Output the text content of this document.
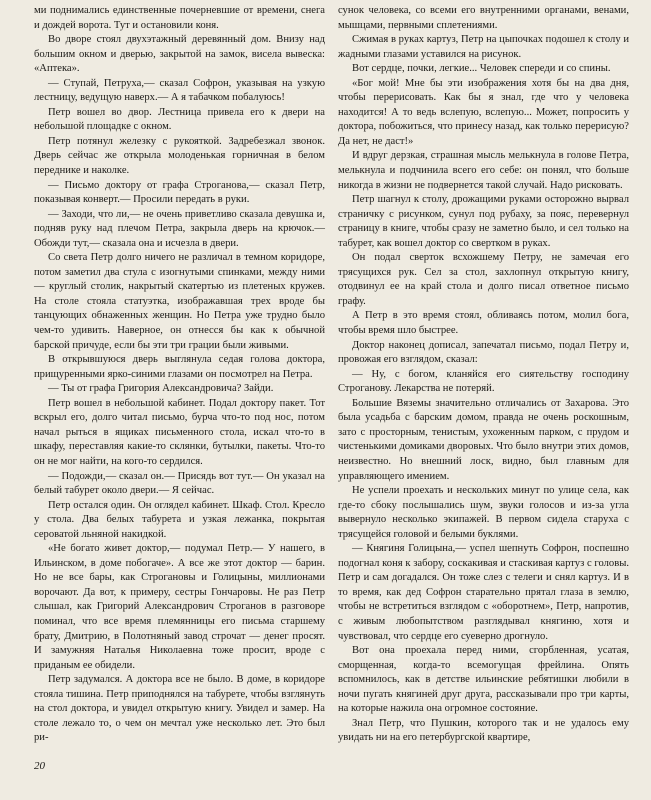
ми поднимались единственные почерневшие от времени, снега и дождей ворота. Тут и остановили коня.

Во дворе стоял двухэтажный деревянный дом. Внизу над большим окном и дверью, закрытой на замок, висела вывеска: «Аптека».

— Ступай, Петруха,— сказал Софрон, указывая на узкую лестницу, ведущую наверх.— А я табачком побалуюсь!

Петр вошел во двор. Лестница привела его к двери на небольшой площадке с окном.

Петр потянул железку с рукояткой. Задребезжал звонок. Дверь сейчас же открыла молоденькая горничная в белом переднике и наколке.

— Письмо доктору от графа Строганова,— сказал Петр, показывая конверт.— Просили передать в руки.

— Заходи, что ли,— не очень приветливо сказала девушка и, подняв руку над плечом Петра, закрыла дверь на крючок.— Обожди тут,— сказала она и исчезла в двери.

Со света Петр долго ничего не различал в темном коридоре, потом заметил два стула с изогнутыми спинками, между ними — круглый столик, накрытый скатертью из плетеных кружев. На столе стояла статуэтка, изображавшая трех вроде бы танцующих обнаженных женщин. Но Петра уже трудно было чем-то удивить. Наверное, он отнесся бы как к обычной барской причуде, если бы эти три грации были живыми.

В открывшуюся дверь выглянула седая голова доктора, прищуренными ярко-синими глазами он посмотрел на Петра.

— Ты от графа Григория Александровича? Зайди.

Петр вошел в небольшой кабинет. Подал доктору пакет. Тот вскрыл его, долго читал письмо, бурча что-то под нос, потом начал рыться в ящиках письменного стола, искал что-то в шкафу, переставляя какие-то склянки, бутылки, пакеты. Что-то он не мог найти, на кого-то сердился.

— Подожди,— сказал он.— Присядь вот тут.— Он указал на белый табурет около двери.— Я сейчас.

Петр остался один. Он оглядел кабинет. Шкаф. Стол. Кресло у стола. Два белых табурета и узкая лежанка, покрытая сероватой льняной накидкой.

«Не богато живет доктор,— подумал Петр.— У нашего, в Ильинском, в доме побогаче». А все же этот доктор — барин. Но не все бары, как Строгановы и Голицыны, миллионами ворочают. Да вот, к примеру, сестры Гончаровы. Не раз Петр слышал, как Григорий Александрович Строганов в разговоре поминал, что все время племянницы его письма старшему брату, Дмитрию, в Полотняный завод строчат — денег просят. И замужняя Наталья Николаевна тоже просит, вроде с приданым ее обидели.

Петр задумался. А доктора все не было. В доме, в коридоре стояла тишина. Петр приподнялся на табурете, чтобы взглянуть на стол доктора, и увидел открытую книгу. Увидел и замер. На столе лежало то, о чем он мечтал уже несколько лет. Это был ри-

сунок человека, со всеми его внутренними органами, венами, мышцами, первными сплетениями.

Сжимая в руках картуз, Петр на цыпочках подошел к столу и жадными глазами уставился на рисунок.

Вот сердце, почки, легкие... Человек спереди и со спины.

«Бог мой! Мне бы эти изображения хотя бы на два дня, чтобы перерисовать. Как бы я знал, где что у человека находится! А то ведь вслепую, вслепую... Может, попросить у доктора, побожиться, что принесу назад, как только перерисую? Да нет, не даст!»

И вдруг дерзкая, страшная мысль мелькнула в голове Петра, мелькнула и подчинила всего его себе: он понял, что больше никогда в жизни не подвернется такой случай. Надо рисковать.

Петр шагнул к столу, дрожащими руками осторожно вырвал страничку с рисунком, сунул под рубаху, за пояс, перевернул страницу в книге, чтобы сразу не заметно было, и сел только на табурет, как вошел доктор со свертком в руках.

Он подал сверток всхожшему Петру, не замечая его трясущихся рук. Сел за стол, захлопнул открытую книгу, отодвинул ее на край стола и долго писал ответное письмо графу.

А Петр в это время стоял, обливаясь потом, молил бога, чтобы время шло быстрее.

Доктор наконец дописал, запечатал письмо, подал Петру и, провожая его взглядом, сказал:

— Ну, с богом, кланяйся его сиятельству господину Строганову. Лекарства не потеряй.

Большие Вяземы значительно отличались от Захарова. Это была усадьба с барским домом, правда не очень роскошным, зато с просторным, тенистым, ухоженным парком, с прудом и чистенькими домиками дворовых. Что было внутри этих домов, неизвестно. Но внешний лоск, видно, был главным для управляющего имением.

Не успели проехать и нескольких минут по улице села, как где-то сбоку послышались шум, звуки голосов и из-за угла вывернуло несколько экипажей. В первом сидела старуха с трясущейся головой и белыми буклями.

— Княгиня Голицына,— успел шепнуть Софрон, поспешно подогнал коня к забору, соскакивая и стаскивая картуз с головы. Петр и сам догадался. Он тоже слез с телеги и снял картуз. И в то время, как дед Софрон старательно прятал глаза в землю, чтобы не встретиться взглядом с «оборотнем», Петр, напротив, с живым любопытством разглядывал княгиню, хотя и чувствовал, что сердце его суеверно дрогнуло.

Вот она проехала перед ними, сгорбленная, усатая, сморщенная, когда-то всемогущая фрейлина. Опять вспомнилось, как в детстве ильинские ребятишки любили в ночи пугать княгиней друг друга, рассказывали про три карты, на которые нажила она огромное состояние.

Знал Петр, что Пушкин, которого так и не удалось ему увидать ни на его петербургской квартире,

20
